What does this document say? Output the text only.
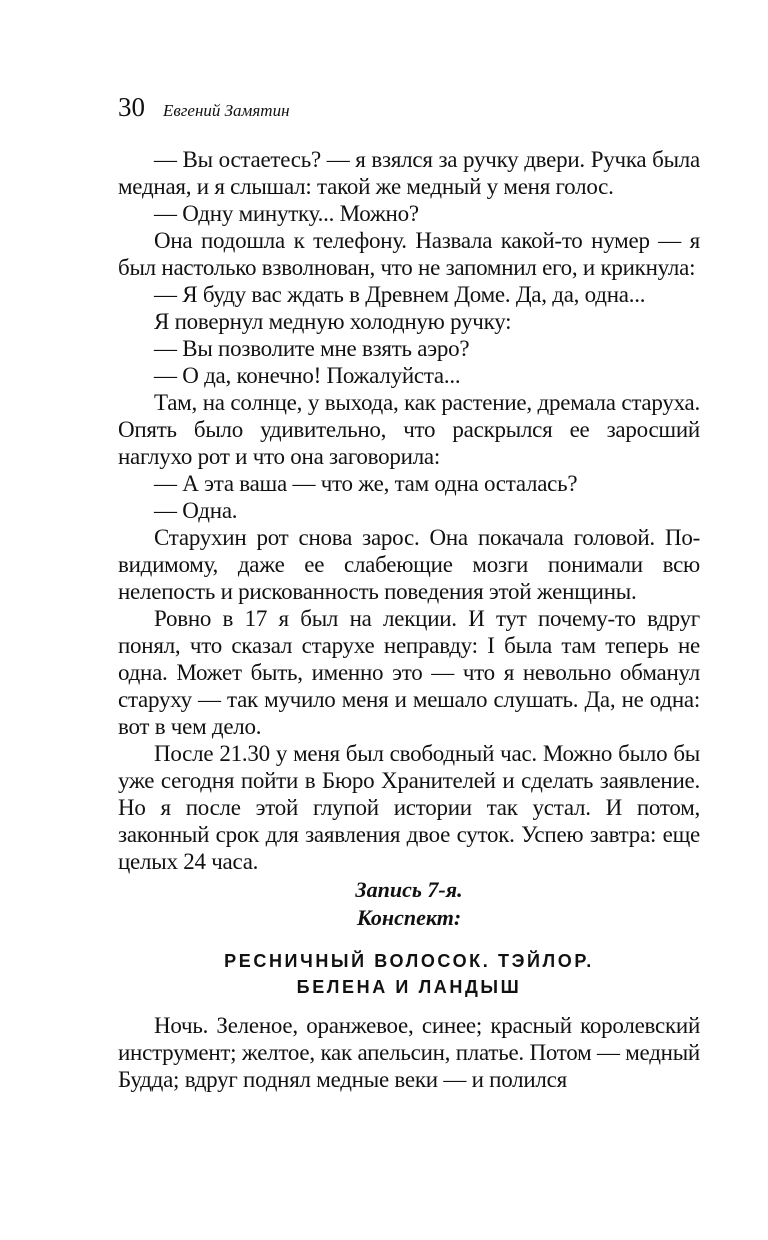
30 Евгений Замятин

— Вы остаетесь? — я взялся за ручку двери. Ручка была медная, и я слышал: такой же медный у меня голос.

— Одну минутку... Можно?

Она подошла к телефону. Назвала какой-то нумер — я был настолько взволнован, что не запомнил его, и крикнула:

— Я буду вас ждать в Древнем Доме. Да, да, одна...

Я повернул медную холодную ручку:

— Вы позволите мне взять аэро?

— О да, конечно! Пожалуйста...

Там, на солнце, у выхода, как растение, дремала старуха. Опять было удивительно, что раскрылся ее заросший наглухо рот и что она заговорила:

— А эта ваша — что же, там одна осталась?

— Одна.

Старухин рот снова зарос. Она покачала головой. По-видимому, даже ее слабеющие мозги понимали всю нелепость и рискованность поведения этой женщины.

Ровно в 17 я был на лекции. И тут почему-то вдруг понял, что сказал старухе неправду: I была там теперь не одна. Может быть, именно это — что я невольно обманул старуху — так мучило меня и мешало слушать. Да, не одна: вот в чем дело.

После 21.30 у меня был свободный час. Можно было бы уже сегодня пойти в Бюро Хранителей и сделать заявление. Но я после этой глупой истории так устал. И потом, законный срок для заявления двое суток. Успею завтра: еще целых 24 часа.

Запись 7-я.

Конспект:

РЕСНИЧНЫЙ ВОЛОСОК. ТЭЙЛОР.
БЕЛЕНА И ЛАНДЫШ

Ночь. Зеленое, оранжевое, синее; красный королевский инструмент; желтое, как апельсин, платье. Потом — медный Будда; вдруг поднял медные веки — и полился
